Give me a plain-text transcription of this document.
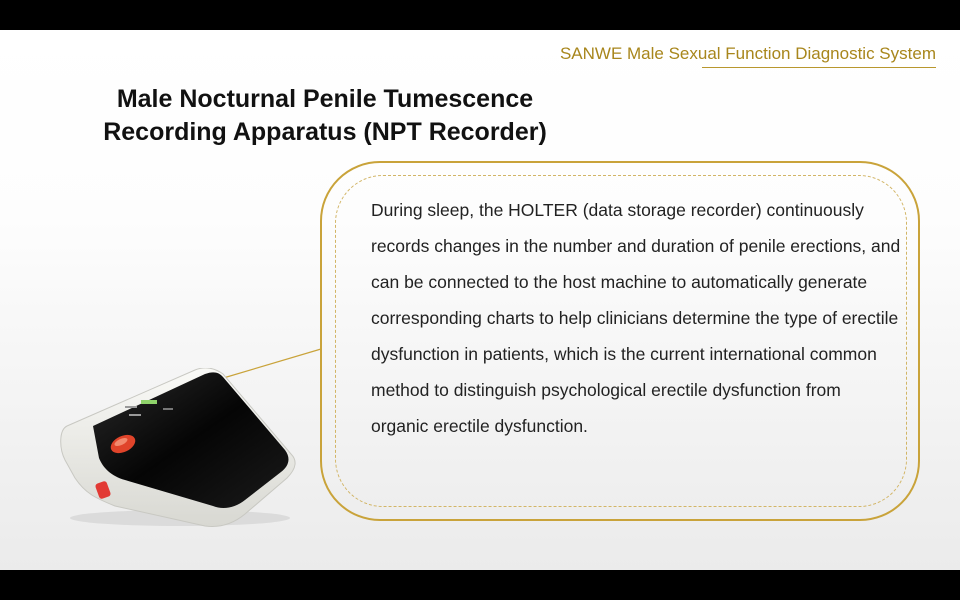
SANWE Male Sexual Function Diagnostic System
Male Nocturnal Penile Tumescence
Recording Apparatus (NPT Recorder)
During sleep, the HOLTER (data storage recorder) continuously records changes in the number and duration of penile erections, and can be connected to the host machine to automatically generate corresponding charts to help clinicians determine the type of erectile dysfunction in patients, which is the current international common method to distinguish psychological erectile dysfunction from organic erectile dysfunction.
